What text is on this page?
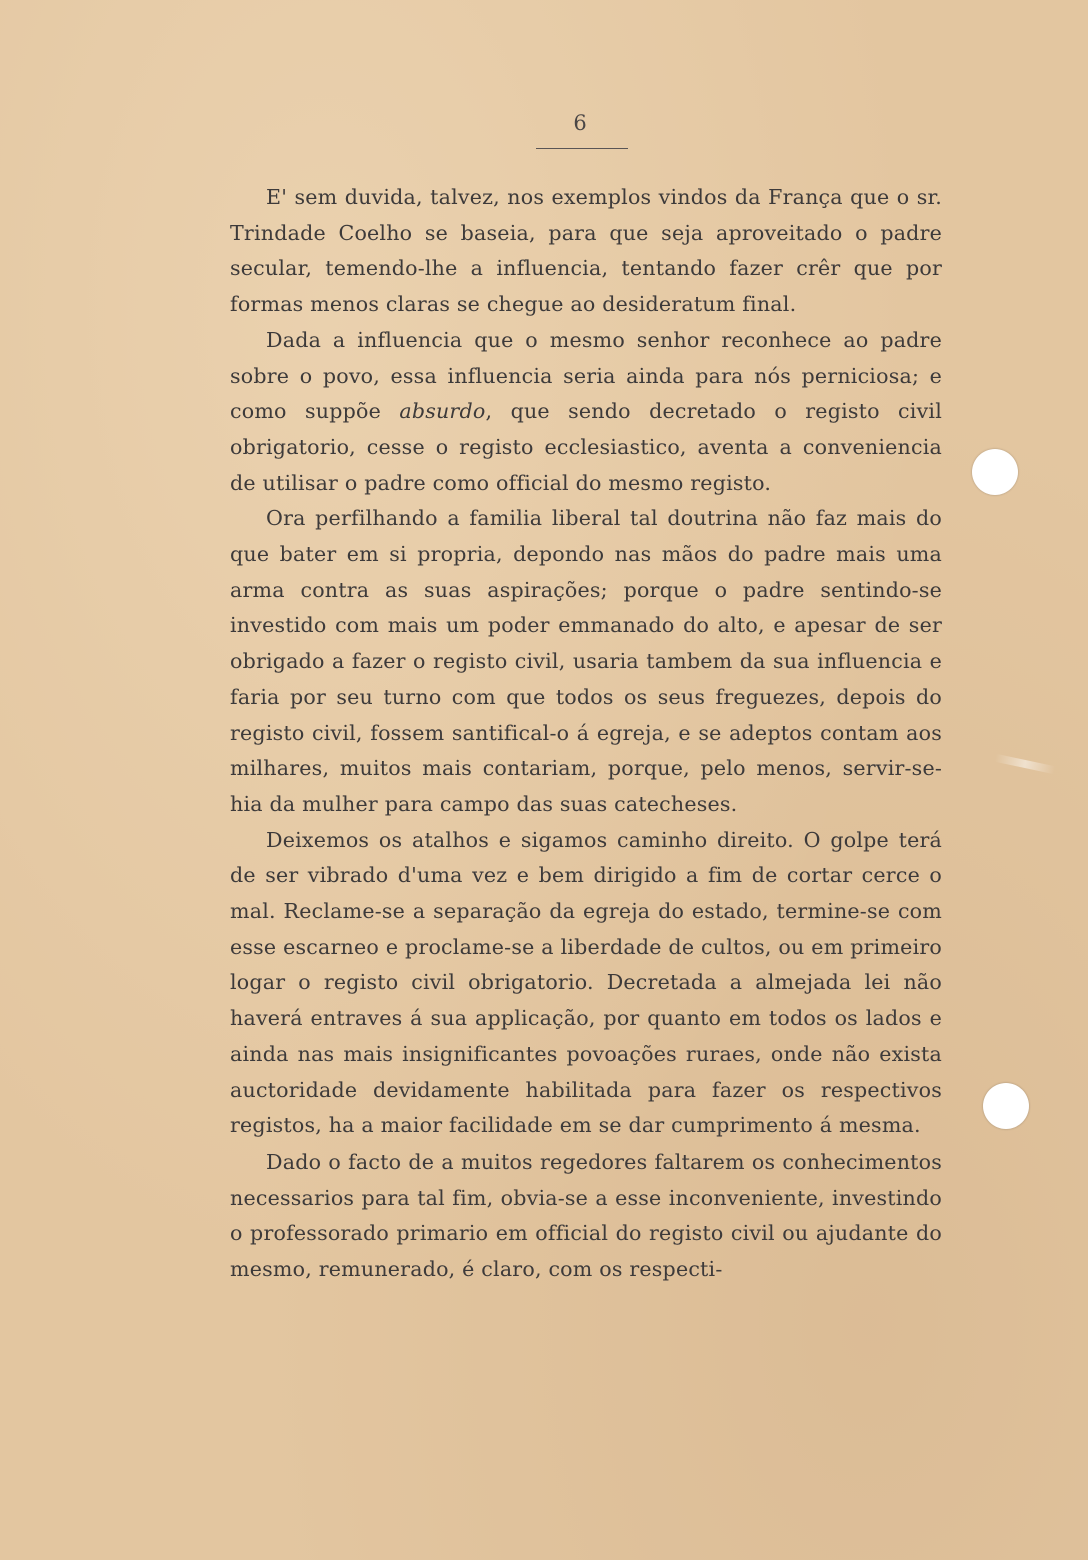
6

E' sem duvida, talvez, nos exemplos vindos da França que o sr. Trindade Coelho se baseia, para que seja aproveitado o padre secular, temendo-lhe a influencia, tentando fazer crêr que por formas menos claras se chegue ao desideratum final.

Dada a influencia que o mesmo senhor reconhece ao padre sobre o povo, essa influencia seria ainda para nós perniciosa; e como suppõe absurdo, que sendo decretado o registo civil obrigatorio, cesse o registo ecclesiastico, aventa a conveniencia de utilisar o padre como official do mesmo registo.

Ora perfilhando a familia liberal tal doutrina não faz mais do que bater em si propria, depondo nas mãos do padre mais uma arma contra as suas aspirações; porque o padre sentindo-se investido com mais um poder emmanado do alto, e apesar de ser obrigado a fazer o registo civil, usaria tambem da sua influencia e faria por seu turno com que todos os seus freguezes, depois do registo civil, fossem santifical-o á egreja, e se adeptos contam aos milhares, muitos mais contariam, porque, pelo menos, servir-se-hia da mulher para campo das suas catecheses.

Deixemos os atalhos e sigamos caminho direito. O golpe terá de ser vibrado d'uma vez e bem dirigido a fim de cortar cerce o mal. Reclame-se a separação da egreja do estado, termine-se com esse escarneo e proclame-se a liberdade de cultos, ou em primeiro logar o registo civil obrigatorio. Decretada a almejada lei não haverá entraves á sua applicação, por quanto em todos os lados e ainda nas mais insignificantes povoações ruraes, onde não exista auctoridade devidamente habilitada para fazer os respectivos registos, ha a maior facilidade em se dar cumprimento á mesma.

Dado o facto de a muitos regedores faltarem os conhecimentos necessarios para tal fim, obvia-se a esse inconveniente, investindo o professorado primario em official do registo civil ou ajudante do mesmo, remunerado, é claro, com os respecti-
